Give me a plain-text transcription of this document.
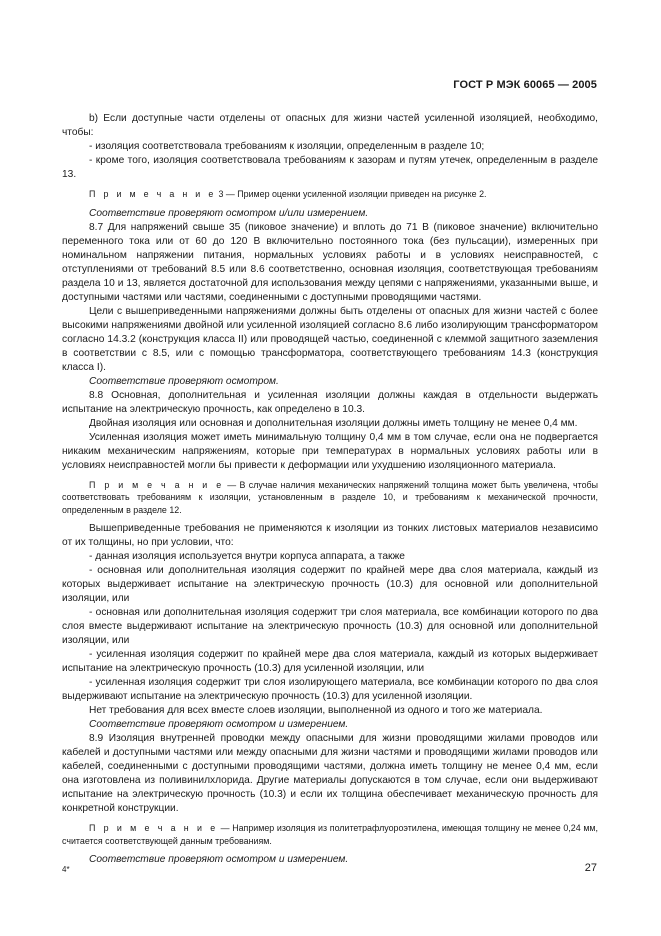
ГОСТ Р МЭК 60065 — 2005

b) Если доступные части отделены от опасных для жизни частей усиленной изоляцией, необходимо, чтобы:

- изоляция соответствовала требованиям к изоляции, определенным в разделе 10;

- кроме того, изоляция соответствовала требованиям к зазорам и путям утечек, определенным в разделе 13.

П р и м е ч а н и е 3 — Пример оценки усиленной изоляции приведен на рисунке 2.

Соответствие проверяют осмотром и/или измерением.

8.7 Для напряжений свыше 35 (пиковое значение) и вплоть до 71 В (пиковое значение) включительно переменного тока или от 60 до 120 В включительно постоянного тока (без пульсации), измеренных при номинальном напряжении питания, нормальных условиях работы и в условиях неисправностей, с отступлениями от требований 8.5 или 8.6 соответственно, основная изоляция, соответствующая требованиям раздела 10 и 13, является достаточной для использования между цепями с напряжениями, указанными выше, и доступными частями или частями, соединенными с доступными проводящими частями.

Цели с вышеприведенными напряжениями должны быть отделены от опасных для жизни частей с более высокими напряжениями двойной или усиленной изоляцией согласно 8.6 либо изолирующим трансформатором согласно 14.3.2 (конструкция класса II) или проводящей частью, соединенной с клеммой защитного заземления в соответствии с 8.5, или с помощью трансформатора, соответствующего требованиям 14.3 (конструкция класса I).

Соответствие проверяют осмотром.

8.8 Основная, дополнительная и усиленная изоляции должны каждая в отдельности выдержать испытание на электрическую прочность, как определено в 10.3.

Двойная изоляция или основная и дополнительная изоляции должны иметь толщину не менее 0,4 мм.

Усиленная изоляция может иметь минимальную толщину 0,4 мм в том случае, если она не подвергается никаким механическим напряжениям, которые при температурах в нормальных условиях работы или в условиях неисправностей могли бы привести к деформации или ухудшению изоляционного материала.

П р и м е ч а н и е — В случае наличия механических напряжений толщина может быть увеличена, чтобы соответствовать требованиям к изоляции, установленным в разделе 10, и требованиям к механической прочности, определенным в разделе 12.

Вышеприведенные требования не применяются к изоляции из тонких листовых материалов независимо от их толщины, но при условии, что:

- данная изоляция используется внутри корпуса аппарата, а также

- основная или дополнительная изоляция содержит по крайней мере два слоя материала, каждый из которых выдерживает испытание на электрическую прочность (10.3) для основной или дополнительной изоляции, или

- основная или дополнительная изоляция содержит три слоя материала, все комбинации которого по два слоя вместе выдерживают испытание на электрическую прочность (10.3) для основной или дополнительной изоляции, или

- усиленная изоляция содержит по крайней мере два слоя материала, каждый из которых выдерживает испытание на электрическую прочность (10.3) для усиленной изоляции, или

- усиленная изоляция содержит три слоя изолирующего материала, все комбинации которого по два слоя выдерживают испытание на электрическую прочность (10.3) для усиленной изоляции.

Нет требования для всех вместе слоев изоляции, выполненной из одного и того же материала.

Соответствие проверяют осмотром и измерением.

8.9 Изоляция внутренней проводки между опасными для жизни проводящими жилами проводов или кабелей и доступными частями или между опасными для жизни частями и проводящими жилами проводов или кабелей, соединенными с доступными проводящими частями, должна иметь толщину не менее 0,4 мм, если она изготовлена из поливинилхлорида. Другие материалы допускаются в том случае, если они выдерживают испытание на электрическую прочность (10.3) и если их толщина обеспечивает механическую прочность для конкретной конструкции.

П р и м е ч а н и е — Например изоляция из политетрафлуороэтилена, имеющая толщину не менее 0,24 мм, считается соответствующей данным требованиям.

Соответствие проверяют осмотром и измерением.

4*	27
